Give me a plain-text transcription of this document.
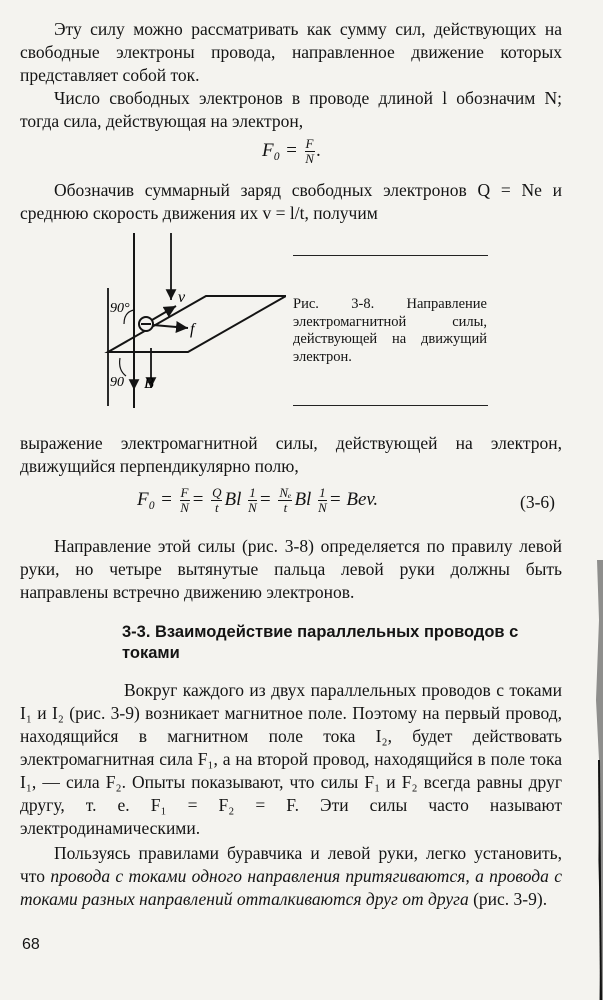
Эту силу можно рассматривать как сумму сил, действующих на свободные электроны провода, направленное движение которых представляет собой ток.

Число свободных электронов в проводе длиной l обозначим N; тогда сила, действующая на электрон,

$F_0 = \frac{F}{N}$ .

Обозначив суммарный заряд свободных электронов Q = Ne и среднюю скорость движения их v = l/t, получим

90°
90
v
f
B

Рис. 3-8. Направление электромагнитной силы, действующей на движущий электрон.

выражение электромагнитной силы, действующей на электрон, движущийся перпендикулярно полю,

$F_0 = \frac{F}{N} = \frac{Q}{t}$ Bl $\frac{1}{N} = \frac{\text{Nₑ}}{t}$ Bl $\frac{1}{N}$ = Bev.	(3-6)

Направление этой силы (рис. 3-8) определяется по правилу левой руки, но четыре вытянутые пальца левой руки должны быть направлены встречно движению электронов.

3-3. Взаимодействие параллельных проводов с токами

Вокруг каждого из двух параллельных проводов с токами I₁ и I₂ (рис. 3-9) возникает магнитное поле. Поэтому на первый провод, находящийся в магнитном поле тока I₂, будет действовать электромагнитная сила F₁, а на второй провод, находящийся в поле тока I₁, — сила F₂. Опыты показывают, что силы F₁ и F₂ всегда равны друг другу, т. е. F₁ = F₂ = F. Эти силы часто называют электродинамическими.

Пользуясь правилами буравчика и левой руки, легко установить, что провода с токами одного направления притягиваются, а провода с токами разных направлений отталкиваются друг от друга (рис. 3-9).

68
